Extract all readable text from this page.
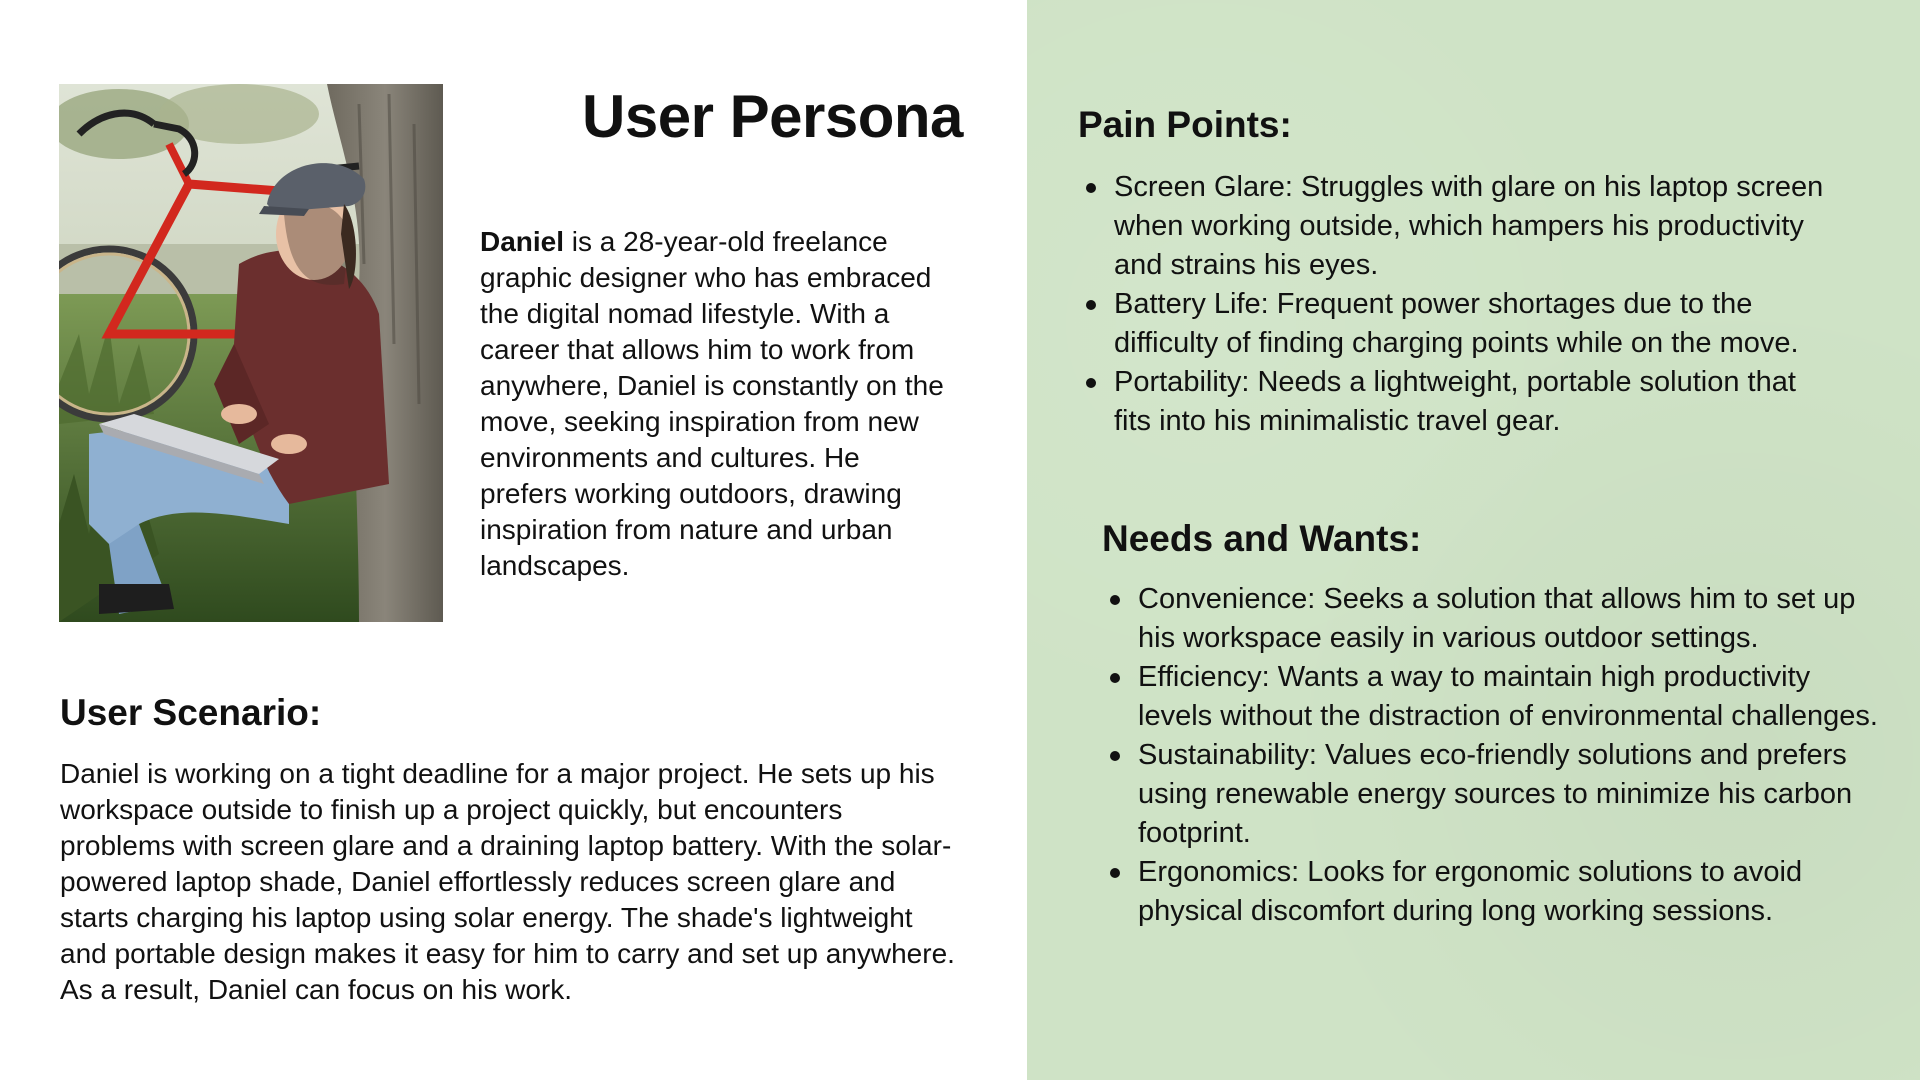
User Persona

Daniel is a 28-year-old freelance graphic designer who has embraced the digital nomad lifestyle. With a career that allows him to work from anywhere, Daniel is constantly on the move, seeking inspiration from new environments and cultures. He prefers working outdoors, drawing inspiration from nature and urban landscapes.

User Scenario:

Daniel is working on a tight deadline for a major project. He sets up his workspace outside to finish up a project quickly, but encounters problems with screen glare and a draining laptop battery. With the solar-powered laptop shade, Daniel effortlessly reduces screen glare and starts charging his laptop using solar energy. The shade's lightweight and portable design makes it easy for him to carry and set up anywhere. As a result, Daniel can focus on his work.

Pain Points:
Screen Glare: Struggles with glare on his laptop screen when working outside, which hampers his productivity and strains his eyes.
Battery Life: Frequent power shortages due to the difficulty of finding charging points while on the move.
Portability: Needs a lightweight, portable solution that fits into his minimalistic travel gear.
Needs and Wants:
Convenience: Seeks a solution that allows him to set up his workspace easily in various outdoor settings.
Efficiency: Wants a way to maintain high productivity levels without the distraction of environmental challenges.
Sustainability: Values eco-friendly solutions and prefers using renewable energy sources to minimize his carbon footprint.
Ergonomics: Looks for ergonomic solutions to avoid physical discomfort during long working sessions.
